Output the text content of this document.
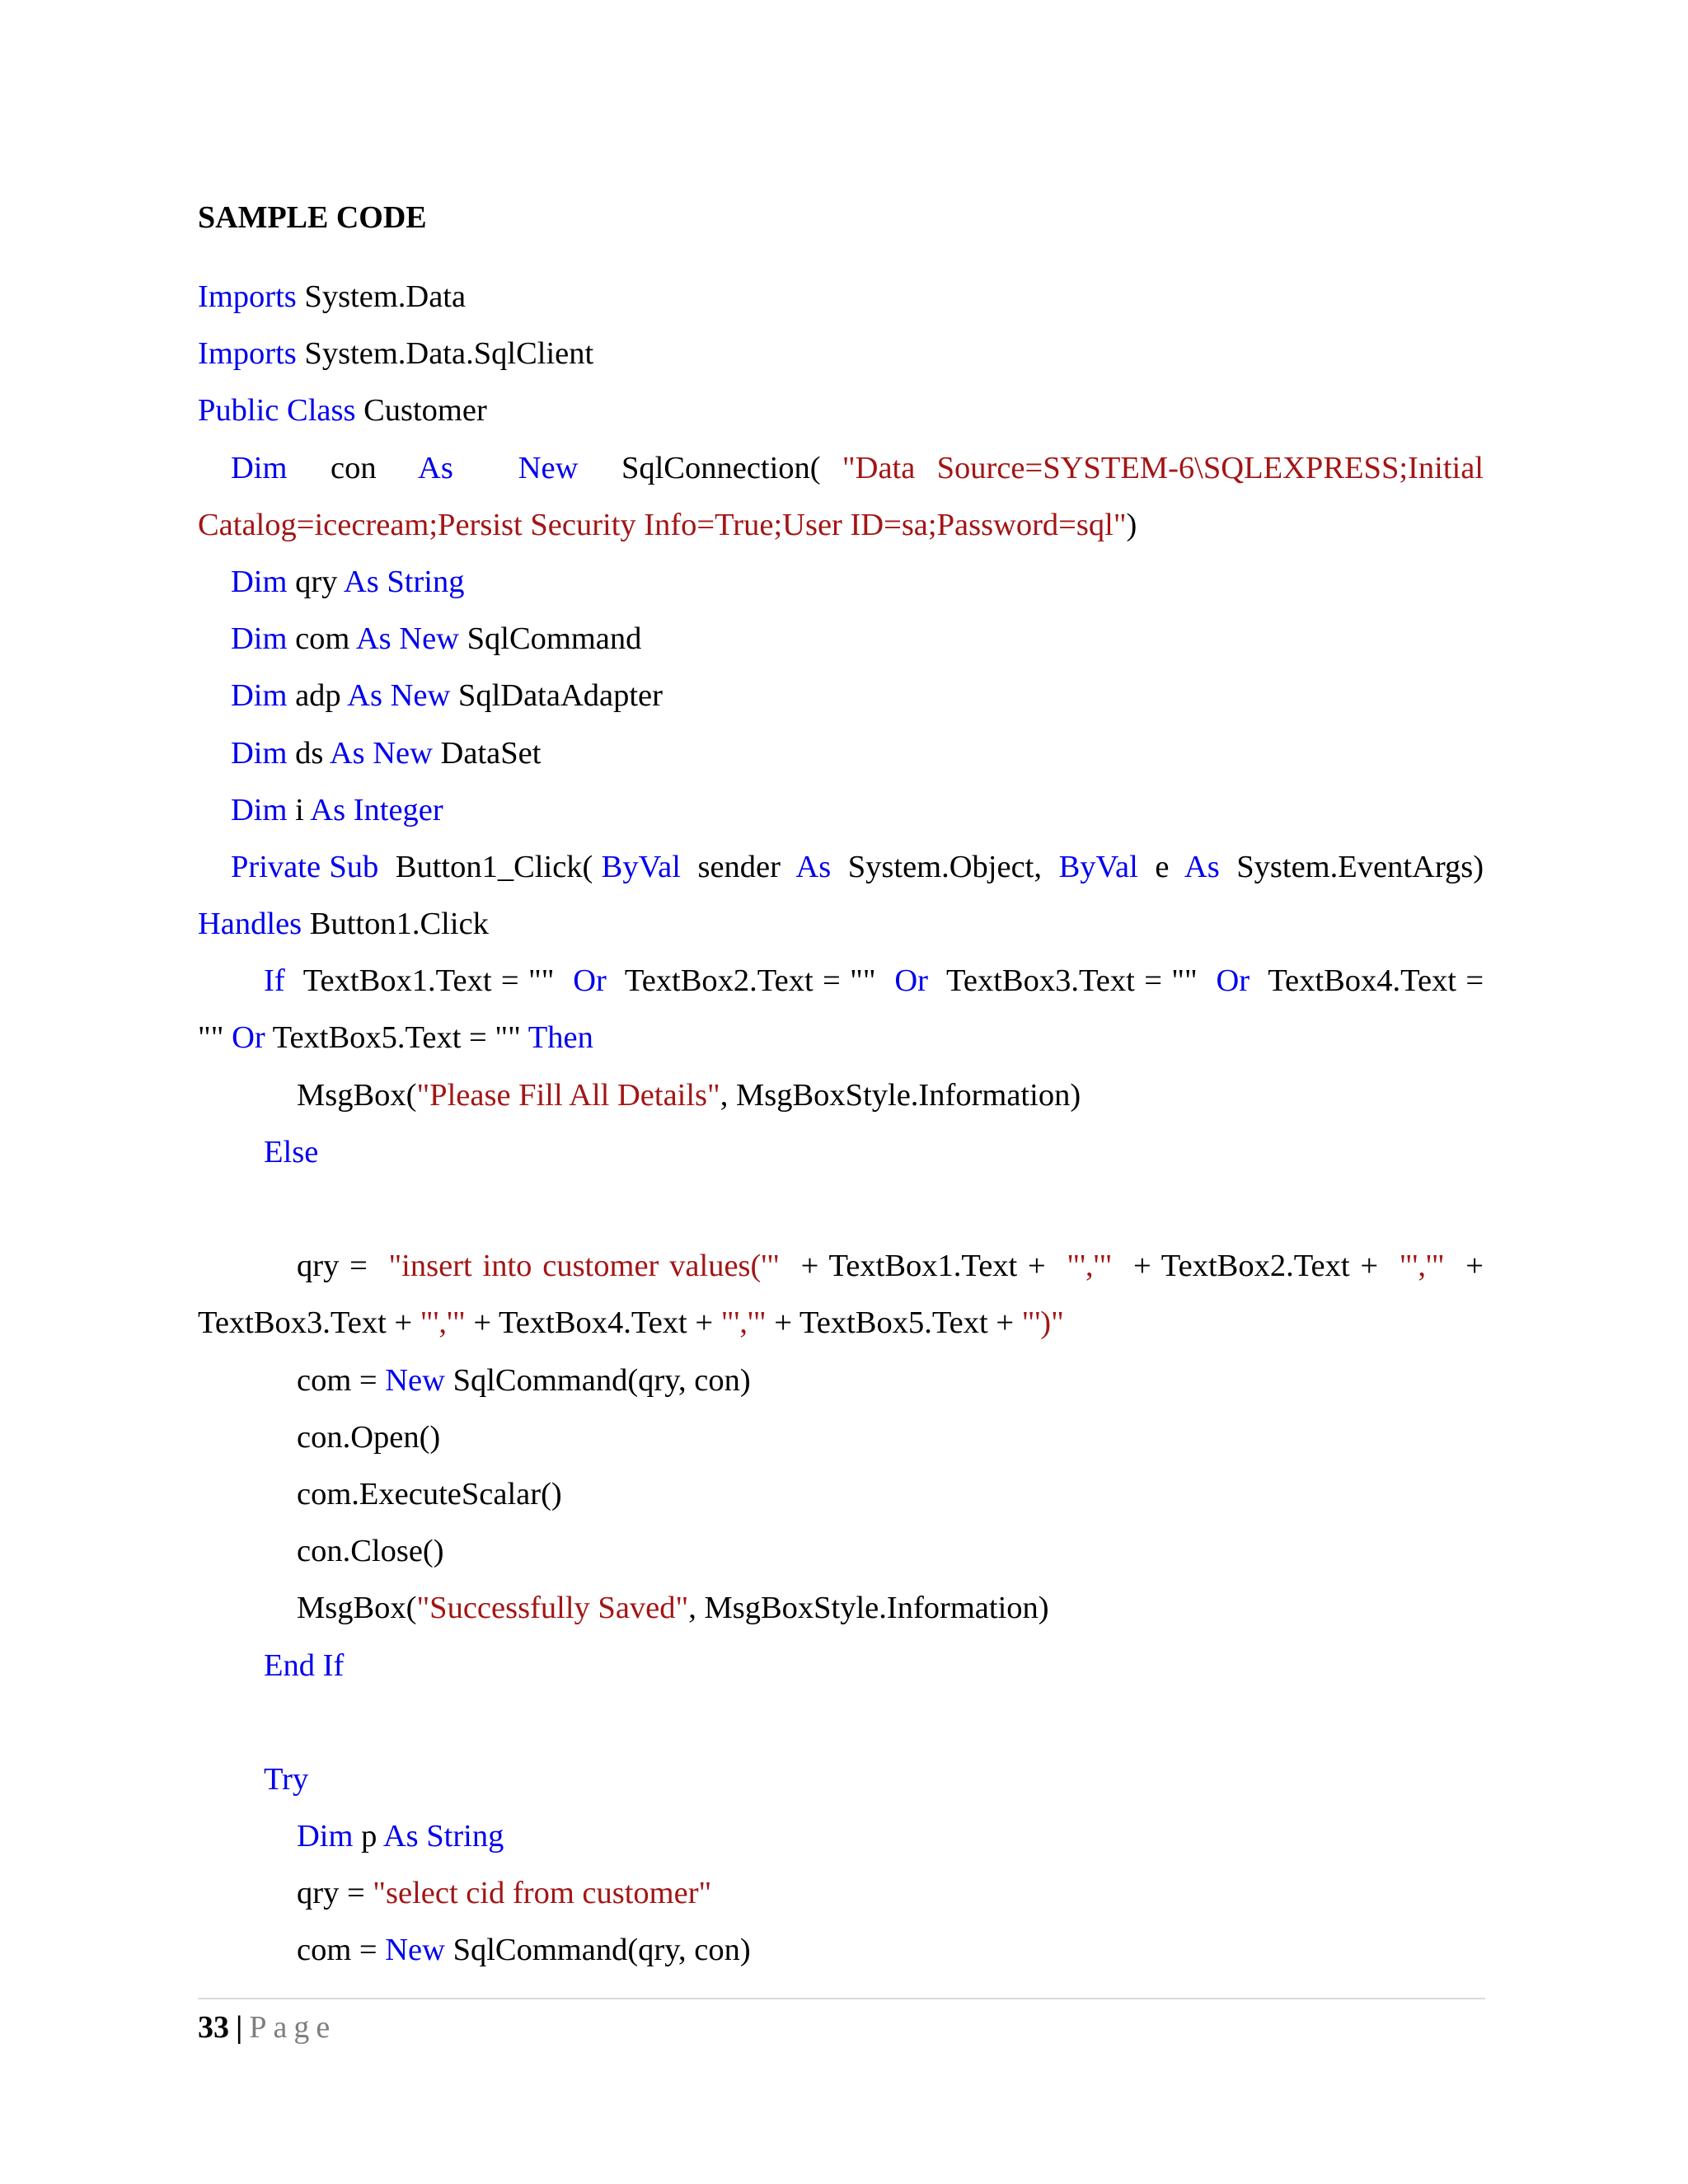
SAMPLE CODE
Imports System.Data
Imports System.Data.SqlClient
Public Class Customer
Dim  con  As New  SqlConnection( "Data Source=SYSTEM-6\SQLEXPRESS;Initial
Catalog=icecream;Persist Security Info=True;User ID=sa;Password=sql")
Dim qry As String
Dim com As New SqlCommand
Dim adp As New SqlDataAdapter
Dim ds As New DataSet
Dim i As Integer
Private Sub  Button1_Click( ByVal  sender  As  System.Object,  ByVal  e  As  System.EventArgs)
Handles Button1.Click
If  TextBox1.Text = ""  Or  TextBox2.Text = ""  Or  TextBox3.Text = ""  Or  TextBox4.Text =
"" Or TextBox5.Text = "" Then
MsgBox("Please Fill All Details", MsgBoxStyle.Information)
Else

qry =  "insert into customer values('"  + TextBox1.Text +  "','"  + TextBox2.Text +  "','"  +
TextBox3.Text + "','" + TextBox4.Text + "','" + TextBox5.Text + "')"
com = New SqlCommand(qry, con)
con.Open()
com.ExecuteScalar()
con.Close()
MsgBox("Successfully Saved", MsgBoxStyle.Information)
End If

Try
Dim p As String
qry = "select cid from customer"
com = New SqlCommand(qry, con)
33 | Page
